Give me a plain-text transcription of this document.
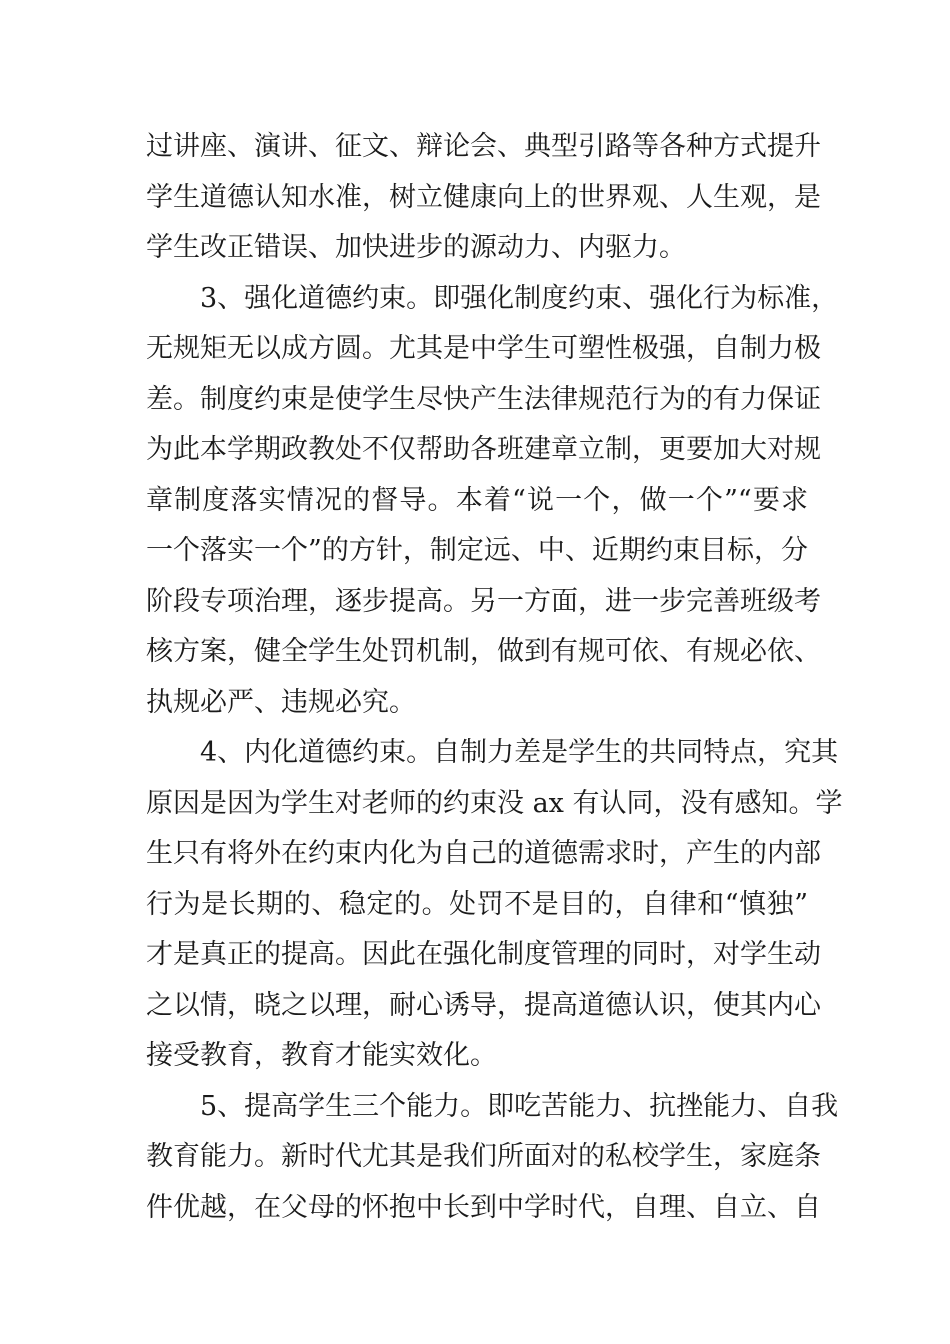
过讲座、演讲、征文、辩论会、典型引路等各种方式提升
学生道德认知水准，树立健康向上的世界观、人生观，是
学生改正错误、加快进步的源动力、内驱力。
3、强化道德约束。即强化制度约束、强化行为标准，
无规矩无以成方圆。尤其是中学生可塑性极强，自制力极
差。制度约束是使学生尽快产生法律规范行为的有力保证
为此本学期政教处不仅帮助各班建章立制，更要加大对规
章制度落实情况的督导。本着“说一个，做一个”“要求
一个落实一个”的方针，制定远、中、近期约束目标，分
阶段专项治理，逐步提高。另一方面，进一步完善班级考
核方案，健全学生处罚机制，做到有规可依、有规必依、
执规必严、违规必究。
4、内化道德约束。自制力差是学生的共同特点，究其
原因是因为学生对老师的约束没 ax 有认同，没有感知。学
生只有将外在约束内化为自己的道德需求时，产生的内部
行为是长期的、稳定的。处罚不是目的，自律和“慎独”
才是真正的提高。因此在强化制度管理的同时，对学生动
之以情，晓之以理，耐心诱导，提高道德认识，使其内心
接受教育，教育才能实效化。
5、提高学生三个能力。即吃苦能力、抗挫能力、自我
教育能力。新时代尤其是我们所面对的私校学生，家庭条
件优越，在父母的怀抱中长到中学时代，自理、自立、自
